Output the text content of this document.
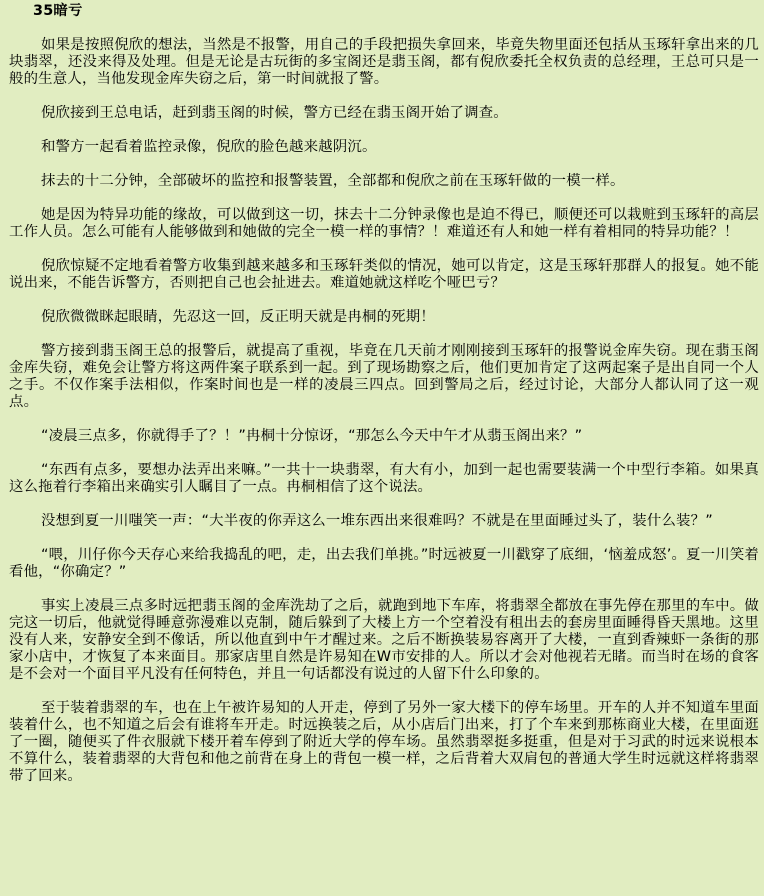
35暗亏

如果是按照倪欣的想法，当然是不报警，用自己的手段把损失拿回来，毕竟失物里面还包括从玉琢轩拿出来的几块翡翠，还没来得及处理。但是无论是古玩街的多宝阁还是翡玉阁，都有倪欣委托全权负责的总经理，王总可只是一般的生意人，当他发现金库失窃之后，第一时间就报了警。

倪欣接到王总电话，赶到翡玉阁的时候，警方已经在翡玉阁开始了调查。

和警方一起看着监控录像，倪欣的脸色越来越阴沉。

抹去的十二分钟，全部破坏的监控和报警装置，全部都和倪欣之前在玉琢轩做的一模一样。

她是因为特异功能的缘故，可以做到这一切，抹去十二分钟录像也是迫不得已，顺便还可以栽赃到玉琢轩的高层工作人员。怎么可能有人能够做到和她做的完全一模一样的事情？！难道还有人和她一样有着相同的特异功能？！

倪欣惊疑不定地看着警方收集到越来越多和玉琢轩类似的情况，她可以肯定，这是玉琢轩那群人的报复。她不能说出来，不能告诉警方，否则把自己也会扯进去。难道她就这样吃个哑巴亏？

倪欣微微眯起眼睛，先忍这一回，反正明天就是冉桐的死期！

警方接到翡玉阁王总的报警后，就提高了重视，毕竟在几天前才刚刚接到玉琢轩的报警说金库失窃。现在翡玉阁金库失窃，难免会让警方将这两件案子联系到一起。到了现场勘察之后，他们更加肯定了这两起案子是出自同一个人之手。不仅作案手法相似，作案时间也是一样的凌晨三四点。回到警局之后，经过讨论，大部分人都认同了这一观点。

“凌晨三点多，你就得手了？！”冉桐十分惊讶，“那怎么今天中午才从翡玉阁出来？”

“东西有点多，要想办法弄出来嘛。”一共十一块翡翠，有大有小，加到一起也需要装满一个中型行李箱。如果真这么拖着行李箱出来确实引人瞩目了一点。冉桐相信了这个说法。

没想到夏一川嗤笑一声：“大半夜的你弄这么一堆东西出来很难吗？不就是在里面睡过头了，装什么装？”

“喂，川仔你今天存心来给我捣乱的吧，走，出去我们单挑。”时远被夏一川戳穿了底细，‘恼羞成怒’。夏一川笑着看他，“你确定？”

事实上凌晨三点多时远把翡玉阁的金库洗劫了之后，就跑到地下车库，将翡翠全都放在事先停在那里的车中。做完这一切后，他就觉得睡意弥漫难以克制，随后躲到了大楼上方一个空着没有租出去的套房里面睡得昏天黑地。这里没有人来，安静安全到不像话，所以他直到中午才醒过来。之后不断换装易容离开了大楼，一直到香辣虾一条街的那家小店中，才恢复了本来面目。那家店里自然是许易知在W市安排的人。所以才会对他视若无睹。而当时在场的食客是不会对一个面目平凡没有任何特色，并且一句话都没有说过的人留下什么印象的。

至于装着翡翠的车，也在上午被许易知的人开走，停到了另外一家大楼下的停车场里。开车的人并不知道车里面装着什么，也不知道之后会有谁将车开走。时远换装之后，从小店后门出来，打了个车来到那栋商业大楼，在里面逛了一圈，随便买了件衣服就下楼开着车停到了附近大学的停车场。虽然翡翠挺多挺重，但是对于习武的时远来说根本不算什么，装着翡翠的大背包和他之前背在身上的背包一模一样，之后背着大双肩包的普通大学生时远就这样将翡翠带了回来。
